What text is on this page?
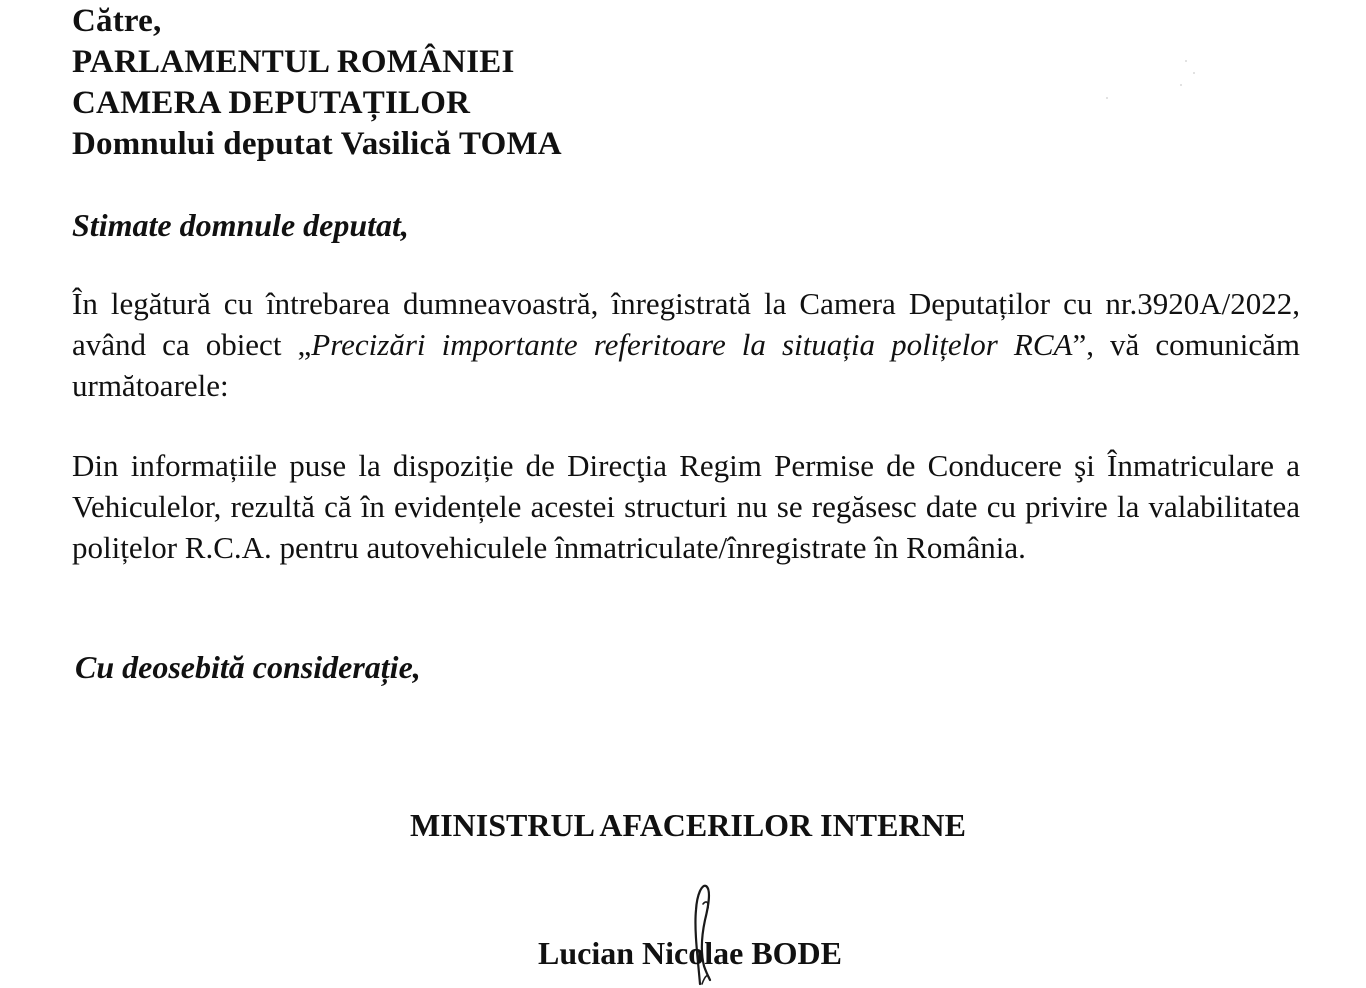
Către,
PARLAMENTUL ROMÂNIEI
CAMERA DEPUTAȚILOR
Domnului deputat Vasilică TOMA
Stimate domnule deputat,
În legătură cu întrebarea dumneavoastră, înregistrată la Camera Deputaților cu nr.3920A/2022, având ca obiect „Precizări importante referitoare la situația polițelor RCA”, vă comunicăm următoarele:
Din informațiile puse la dispoziție de Direcţia Regim Permise de Conducere şi Înmatriculare a Vehiculelor, rezultă că în evidențele acestei structuri nu se regăsesc date cu privire la valabilitatea polițelor R.C.A. pentru autovehiculele înmatriculate/înregistrate în România.
Cu deosebită considerație,
MINISTRUL AFACERILOR INTERNE
Lucian Nicolae BODE
